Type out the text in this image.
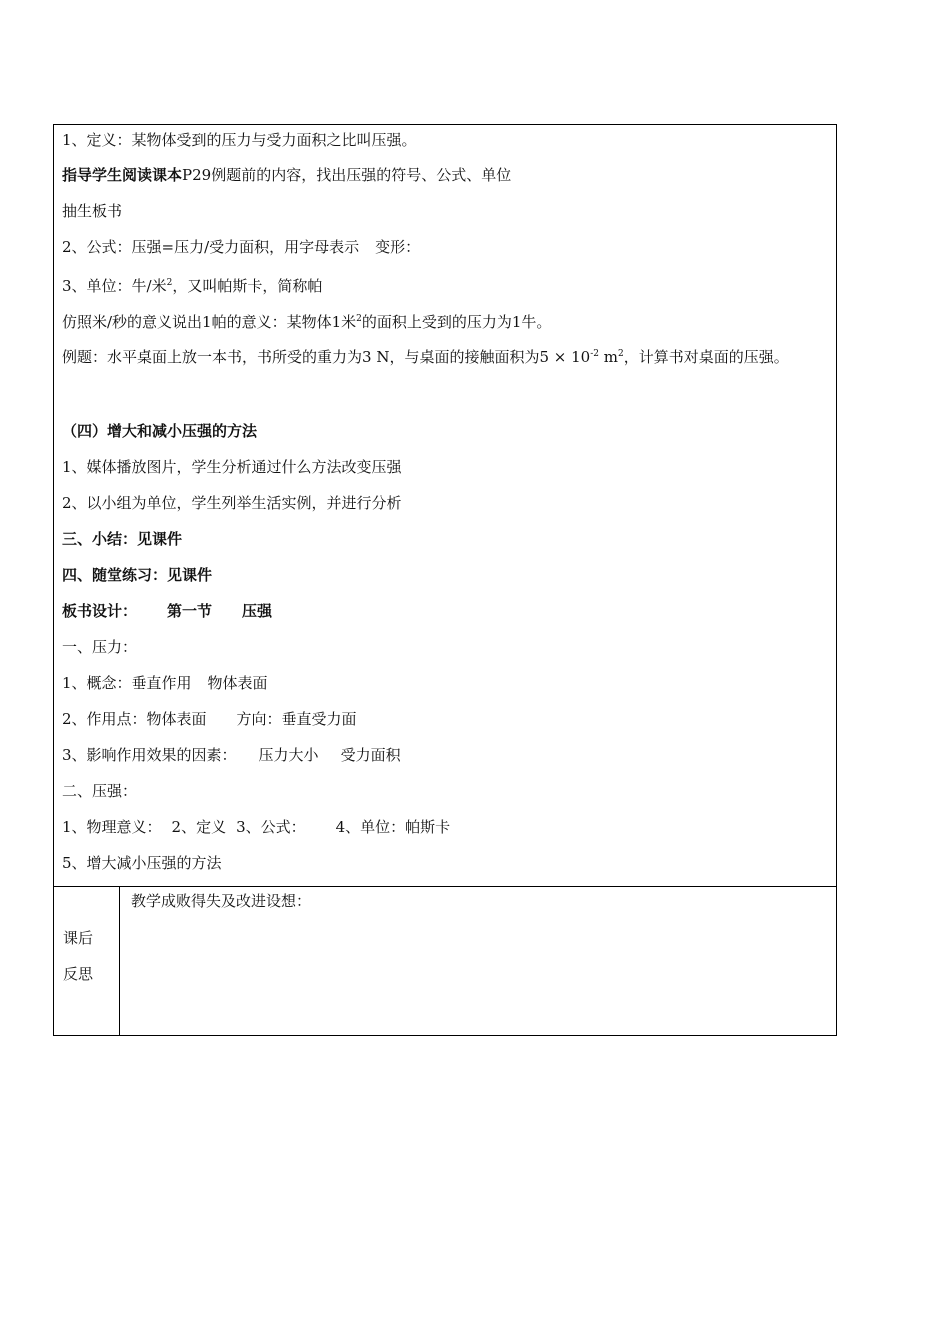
1、定义：某物体受到的压力与受力面积之比叫压强。
指导学生阅读课本P29例题前的内容，找出压强的符号、公式、单位
抽生板书
2、公式：压强=压力/受力面积，用字母表示 变形：
3、单位：牛/米$^2$，又叫帕斯卡，简称帕
仿照米/秒的意义说出1帕的意义：某物体1米$^2$的面积上受到的压力为1牛。
例题：水平桌面上放一本书，书所受的重力为3 N，与桌面的接触面积为$5 \times 10^{-2}$ $m^2$，计算书对桌面的压强。
（四）增大和减小压强的方法
1、媒体播放图片，学生分析通过什么方法改变压强
2、以小组为单位，学生列举生活实例，并进行分析
三、小结：见课件
四、随堂练习：见课件
板书设计： 第一节 压强
一、压力：
1、概念：垂直作用 物体表面
2、作用点：物体表面 方向：垂直受力面
3、影响作用效果的因素： 压力大小 受力面积
二、压强：
1、物理意义： 2、定义 3、公式： 4、单位：帕斯卡
5、增大减小压强的方法
课后
反思
教学成败得失及改进设想：
